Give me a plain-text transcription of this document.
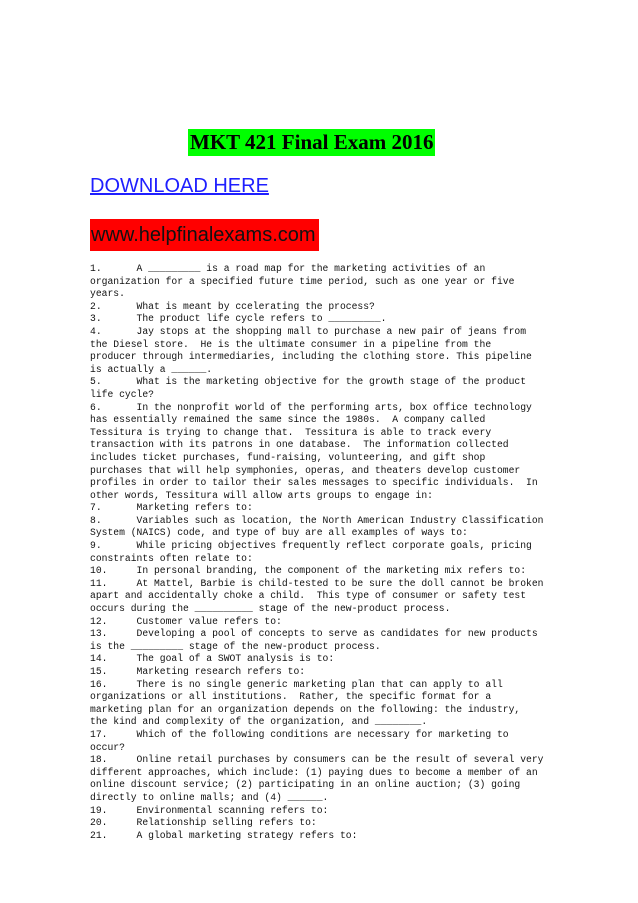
MKT 421 Final Exam 2016
DOWNLOAD HERE
www.helpfinalexams.com
1.      A _________ is a road map for the marketing activities of an
organization for a specified future time period, such as one year or five
years.
2.      What is meant by ccelerating the process?
3.      The product life cycle refers to _________.
4.      Jay stops at the shopping mall to purchase a new pair of jeans from
the Diesel store.  He is the ultimate consumer in a pipeline from the
producer through intermediaries, including the clothing store. This pipeline
is actually a ______.
5.      What is the marketing objective for the growth stage of the product
life cycle?
6.      In the nonprofit world of the performing arts, box office technology
has essentially remained the same since the 1980s.  A company called
Tessitura is trying to change that.  Tessitura is able to track every
transaction with its patrons in one database.  The information collected
includes ticket purchases, fund-raising, volunteering, and gift shop
purchases that will help symphonies, operas, and theaters develop customer
profiles in order to tailor their sales messages to specific individuals.  In
other words, Tessitura will allow arts groups to engage in:
7.      Marketing refers to:
8.      Variables such as location, the North American Industry Classification
System (NAICS) code, and type of buy are all examples of ways to:
9.      While pricing objectives frequently reflect corporate goals, pricing
constraints often relate to:
10.     In personal branding, the component of the marketing mix refers to:
11.     At Mattel, Barbie is child-tested to be sure the doll cannot be broken
apart and accidentally choke a child.  This type of consumer or safety test
occurs during the __________ stage of the new-product process.
12.     Customer value refers to:
13.     Developing a pool of concepts to serve as candidates for new products
is the _________ stage of the new-product process.
14.     The goal of a SWOT analysis is to:
15.     Marketing research refers to:
16.     There is no single generic marketing plan that can apply to all
organizations or all institutions.  Rather, the specific format for a
marketing plan for an organization depends on the following: the industry,
the kind and complexity of the organization, and ________.
17.     Which of the following conditions are necessary for marketing to
occur?
18.     Online retail purchases by consumers can be the result of several very
different approaches, which include: (1) paying dues to become a member of an
online discount service; (2) participating in an online auction; (3) going
directly to online malls; and (4) ______.
19.     Environmental scanning refers to:
20.     Relationship selling refers to:
21.     A global marketing strategy refers to:
